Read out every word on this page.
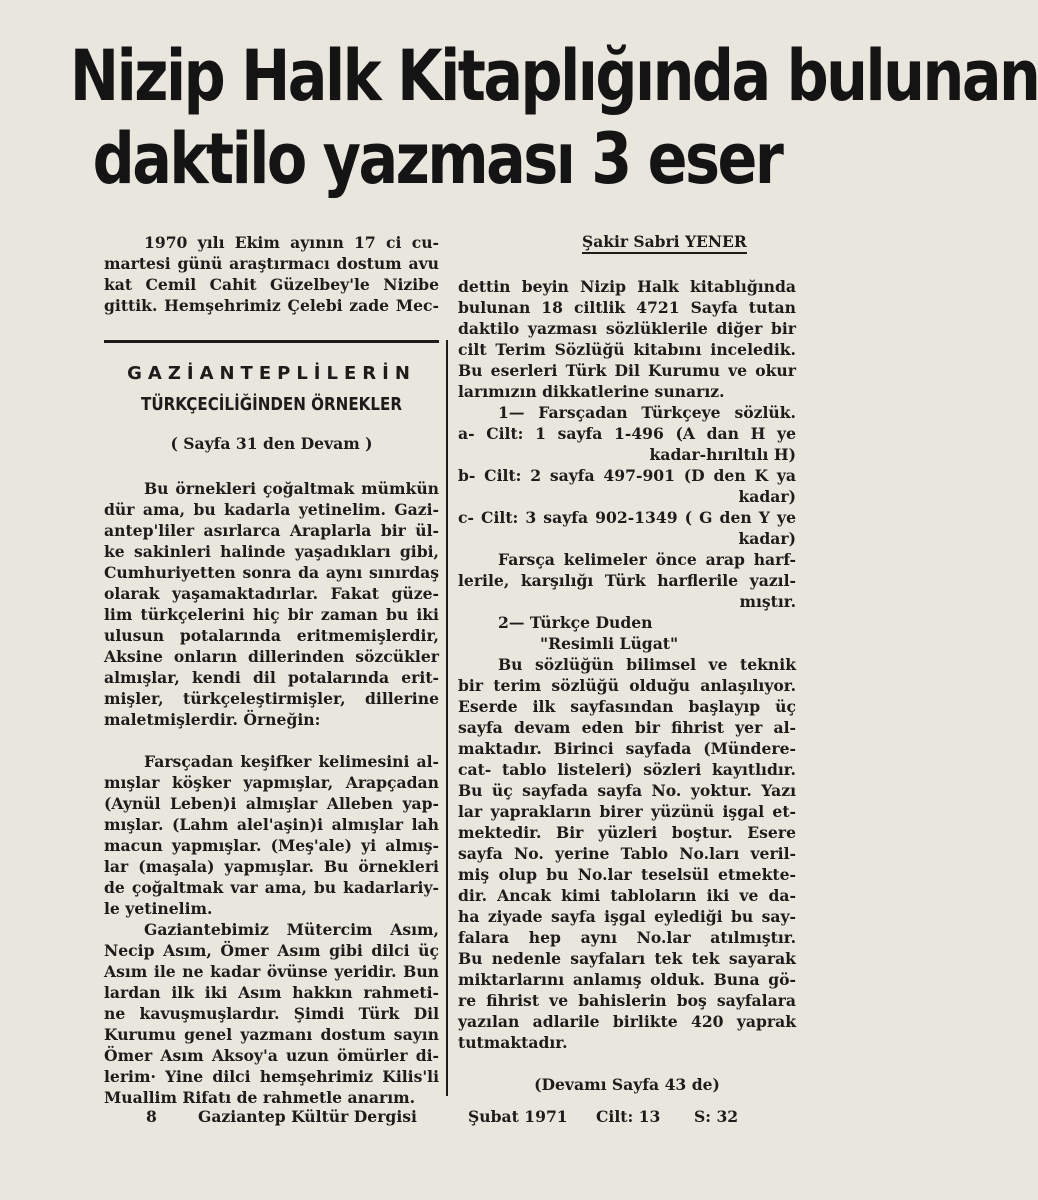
Nizip Halk Kitaplığında bulunan
daktilo yazması 3 eser
Şakir Sabri YENER

1970 yılı Ekim ayının 17 ci cu-

martesi günü araştırmacı dostum avu

kat Cemil Cahit Güzelbey'le Nizibe

gittik. Hemşehrimiz Çelebi zade Mec-

GAZİANTEPLİLERİN
TÜRKÇECİLİĞİNDEN ÖRNEKLER
( Sayfa 31 den Devam )

Bu örnekleri çoğaltmak mümkün

dür ama, bu kadarla yetinelim. Gazi-

antep'liler asırlarca Araplarla bir ül-

ke sakinleri halinde yaşadıkları gibi,

Cumhuriyetten sonra da aynı sınırdaş

olarak yaşamaktadırlar. Fakat güze-

lim türkçelerini hiç bir zaman bu iki

ulusun potalarında eritmemişlerdir,

Aksine onların dillerinden sözcükler

almışlar, kendi dil potalarında erit-

mişler, türkçeleştirmişler, dillerine

maletmişlerdir. Örneğin:

Farsçadan keşifker kelimesini al-

mışlar köşker yapmışlar, Arapçadan

(Aynül Leben)i almışlar Alleben yap-

mışlar. (Lahm alel'aşin)i almışlar lah

macun yapmışlar. (Meş'ale) yi almış-

lar (maşala) yapmışlar. Bu örnekleri

de çoğaltmak var ama, bu kadarlariy-

le yetinelim.

Gaziantebimiz Mütercim Asım,

Necip Asım, Ömer Asım gibi dilci üç

Asım ile ne kadar övünse yeridir. Bun

lardan ilk iki Asım hakkın rahmeti-

ne kavuşmuşlardır. Şimdi Türk Dil

Kurumu genel yazmanı dostum sayın

Ömer Asım Aksoy'a uzun ömürler di-

lerim· Yine dilci hemşehrimiz Kilis'li

Muallim Rifatı de rahmetle anarım.

dettin beyin Nizip Halk kitablığında

bulunan 18 ciltlik 4721 Sayfa tutan

daktilo yazması sözlüklerile diğer bir

cilt Terim Sözlüğü kitabını inceledik.

Bu eserleri Türk Dil Kurumu ve okur

larımızın dikkatlerine sunarız.

1— Farsçadan Türkçeye sözlük.

a- Cilt: 1 sayfa 1-496 (A dan H ye

kadar-hırıltılı H)

b- Cilt: 2 sayfa 497-901 (D den K ya

kadar)

c- Cilt: 3 sayfa 902-1349 ( G den Y ye

kadar)

Farsça kelimeler önce arap harf-

lerile, karşılığı Türk harflerile yazıl-

mıştır.

2— Türkçe Duden

"Resimli Lügat"

Bu sözlüğün bilimsel ve teknik

bir terim sözlüğü olduğu anlaşılıyor.

Eserde ilk sayfasından başlayıp üç

sayfa devam eden bir fihrist yer al-

maktadır. Birinci sayfada (Mündere-

cat- tablo listeleri) sözleri kayıtlıdır.

Bu üç sayfada sayfa No. yoktur. Yazı

lar yaprakların birer yüzünü işgal et-

mektedir. Bir yüzleri boştur. Esere

sayfa No. yerine Tablo No.ları veril-

miş olup bu No.lar teselsül etmekte-

dir. Ancak kimi tabloların iki ve da-

ha ziyade sayfa işgal eylediği bu say-

falara hep aynı No.lar atılmıştır.

Bu nedenle sayfaları tek tek sayarak

miktarlarını anlamış olduk. Buna gö-

re fihrist ve bahislerin boş sayfalara

yazılan adlarile birlikte 420 yaprak

tutmaktadır.

(Devamı Sayfa 43 de)

8	Gaziantep Kültür Dergisi	Şubat 1971 Cilt: 13 S: 32
